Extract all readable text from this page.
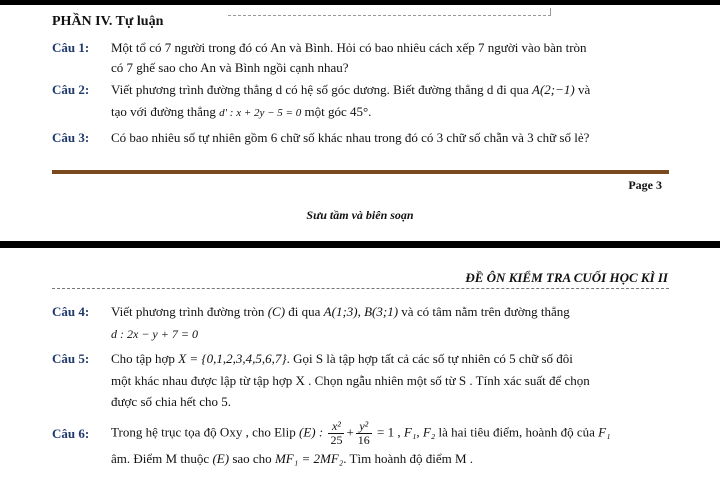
PHẦN IV. Tự luận
Câu 1: Một tổ có 7 người trong đó có An và Bình. Hỏi có bao nhiêu cách xếp 7 người vào bàn tròn
có 7 ghế sao cho An và Bình ngồi cạnh nhau?
Câu 2: Viết phương trình đường thẳng d có hệ số góc dương. Biết đường thẳng d đi qua A(2;−1) và
tạo với đường thẳng d' : x + 2y − 5 = 0 một góc 45°.
Câu 3: Có bao nhiêu số tự nhiên gồm 6 chữ số khác nhau trong đó có 3 chữ số chẵn và 3 chữ số lẻ?
Page 3
Sưu tầm và biên soạn
ĐỀ ÔN KIỂM TRA CUỐI HỌC KÌ II
Câu 4: Viết phương trình đường tròn (C) đi qua A(1;3), B(3;1) và có tâm nằm trên đường thẳng
d : 2x − y + 7 = 0
Câu 5: Cho tập hợp X = {0,1,2,3,4,5,6,7}. Gọi S là tập hợp tất cả các số tự nhiên có 5 chữ số đôi
một khác nhau được lập từ tập hợp X . Chọn ngẫu nhiên một số từ S . Tính xác suất để chọn
được số chia hết cho 5.
Câu 6: Trong hệ trục tọa độ Oxy , cho Elip (E) : $\frac{\text{x²}}{25} + \frac{\text{y²}}{16} = 1$ , F₁, F₂ là hai tiêu điểm, hoành độ của F₁
âm. Điểm M thuộc (E) sao cho MF₁ = 2MF₂. Tìm hoành độ điểm M .
